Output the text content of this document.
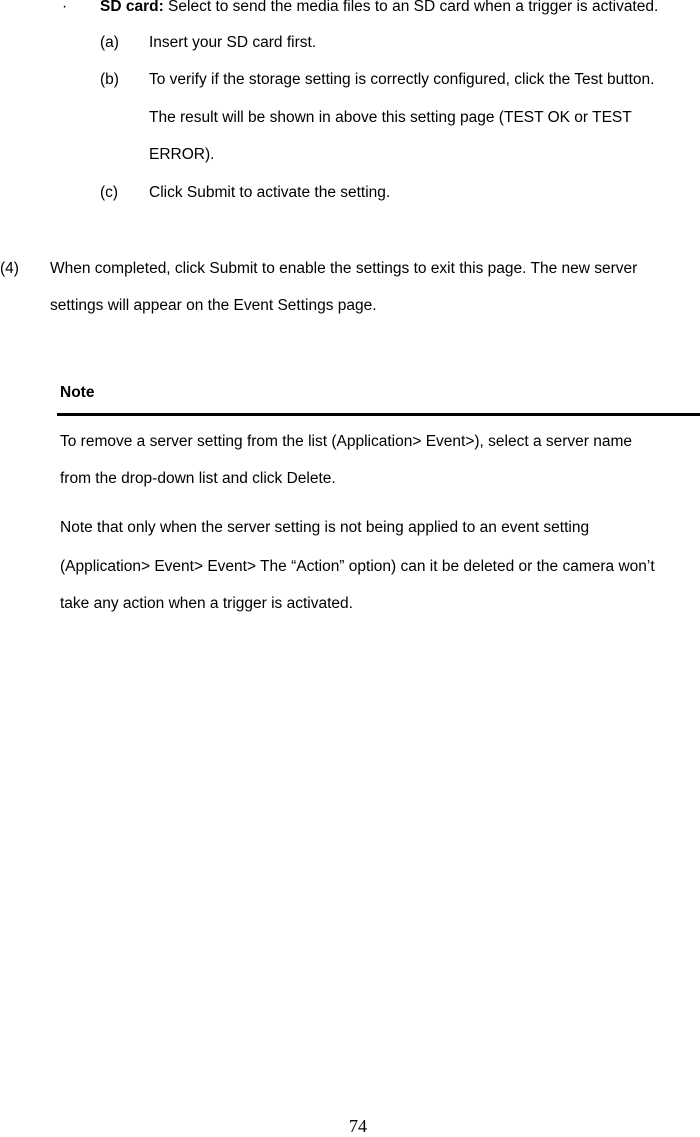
· SD card: Select to send the media files to an SD card when a trigger is activated.
(a) Insert your SD card first.
(b) To verify if the storage setting is correctly configured, click the Test button.
The result will be shown in above this setting page (TEST OK or TEST
ERROR).
(c) Click Submit to activate the setting.
(4) When completed, click Submit to enable the settings to exit this page. The new server
settings will appear on the Event Settings page.
Note
To remove a server setting from the list (Application> Event>), select a server name
from the drop-down list and click Delete.
Note that only when the server setting is not being applied to an event setting
(Application> Event> Event> The “Action” option) can it be deleted or the camera won’t
take any action when a trigger is activated.
74
